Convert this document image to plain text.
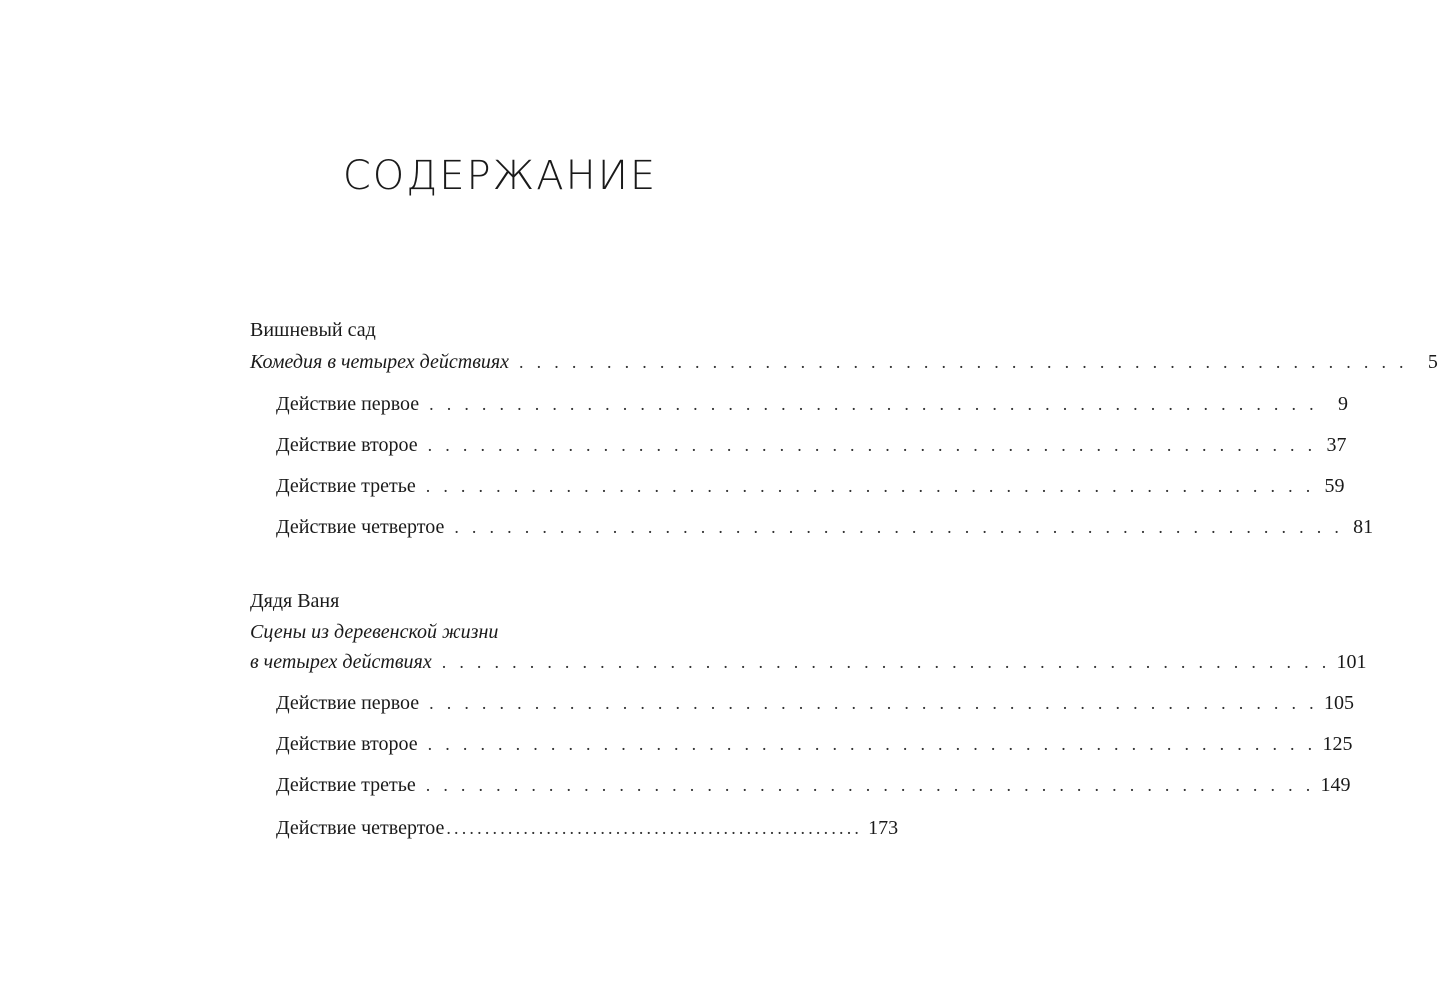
СОДЕРЖАНИЕ
Вишневый сад
Комедия в четырех действиях . . . . . . . . . . . . . . . . . . . . . . . . . . . . . . . . . . . . . . . . . . . . . . . . . . .	5
Действие первое . . . . . . . . . . . . . . . . . . . . . . . . . . . . . . . . . . . . . . . . . . . . . . . . . . .	9
Действие второе . . . . . . . . . . . . . . . . . . . . . . . . . . . . . . . . . . . . . . . . . . . . . . . . . . . 37
Действие третье . . . . . . . . . . . . . . . . . . . . . . . . . . . . . . . . . . . . . . . . . . . . . . . . . . . 59
Действие четвертое . . . . . . . . . . . . . . . . . . . . . . . . . . . . . . . . . . . . . . . . . . . . . . . . . . . 81
Дядя Ваня
Сцены из деревенской жизни
в четырех действиях . . . . . . . . . . . . . . . . . . . . . . . . . . . . . . . . . . . . . . . . . . . . . . . . . . . 101
Действие первое . . . . . . . . . . . . . . . . . . . . . . . . . . . . . . . . . . . . . . . . . . . . . . . . . . . 105
Действие второе . . . . . . . . . . . . . . . . . . . . . . . . . . . . . . . . . . . . . . . . . . . . . . . . . . . 125
Действие третье . . . . . . . . . . . . . . . . . . . . . . . . . . . . . . . . . . . . . . . . . . . . . . . . . . . 149
Действие четвертое ...................................................... 173
